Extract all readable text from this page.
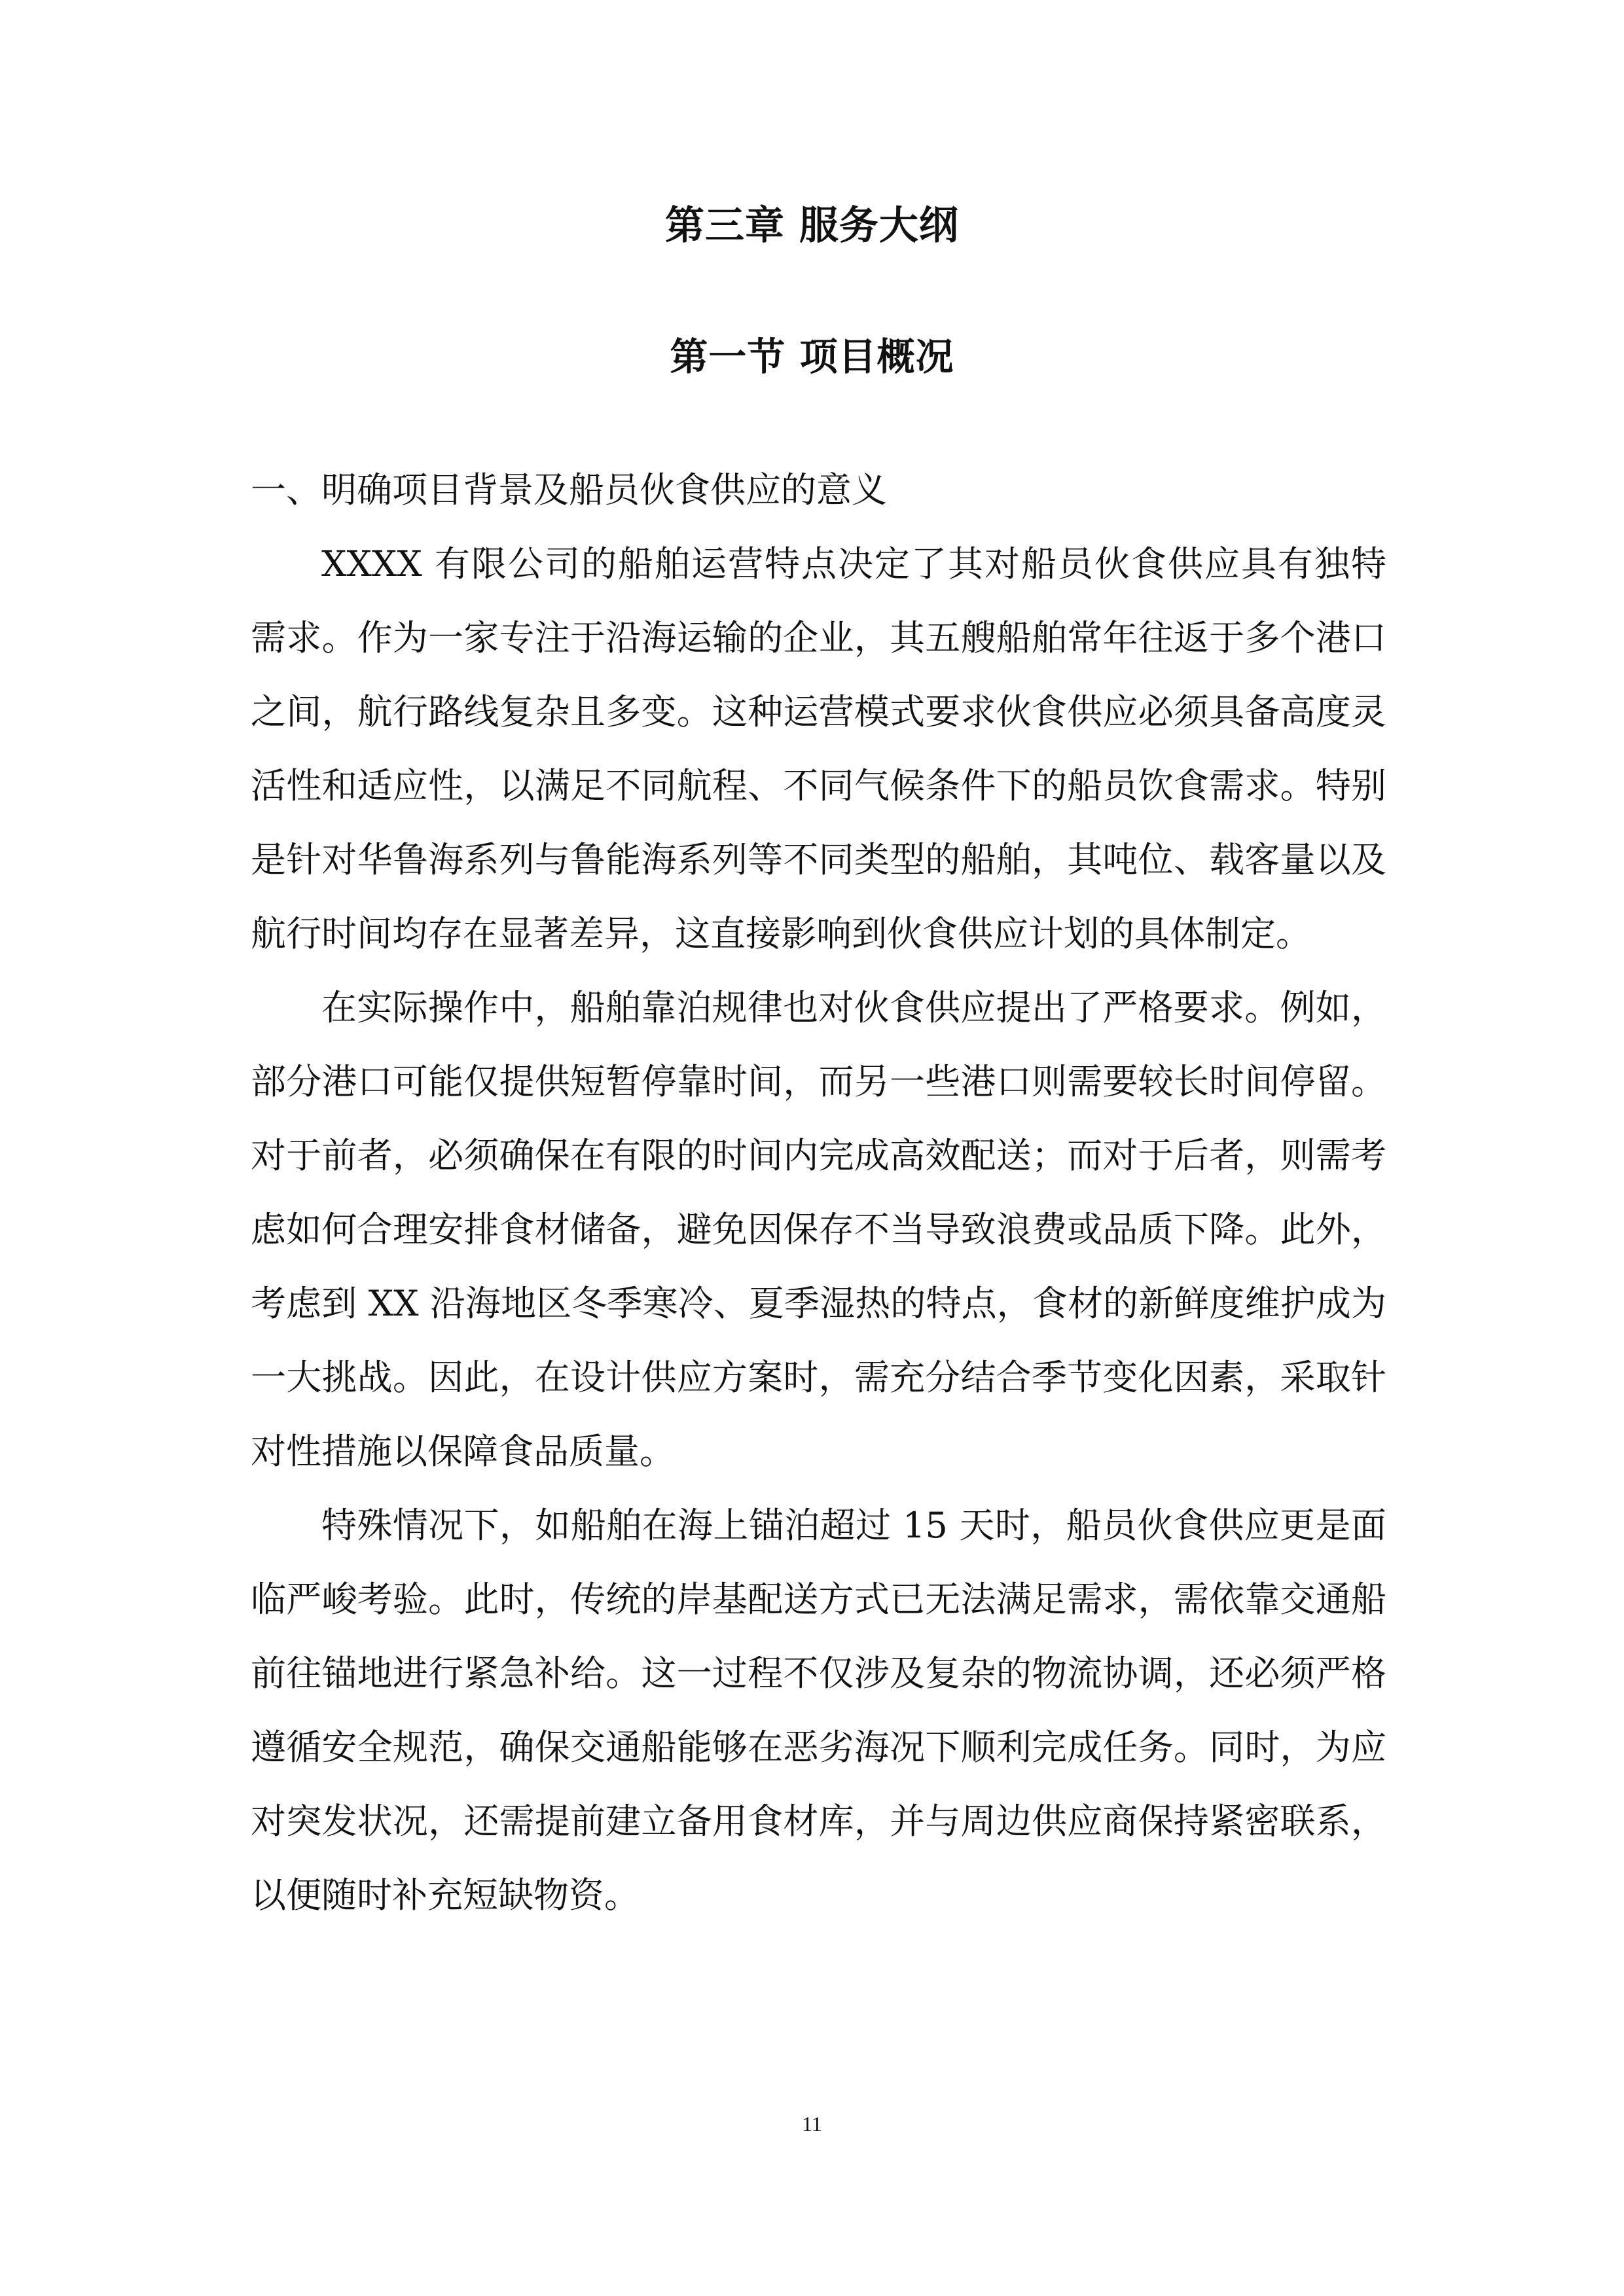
第三章 服务大纲
第一节 项目概况

一、明确项目背景及船员伙食供应的意义

XXXX 有限公司的船舶运营特点决定了其对船员伙食供应具有独特需求。作为一家专注于沿海运输的企业，其五艘船舶常年往返于多个港口之间，航行路线复杂且多变。这种运营模式要求伙食供应必须具备高度灵活性和适应性，以满足不同航程、不同气候条件下的船员饮食需求。特别是针对华鲁海系列与鲁能海系列等不同类型的船舶，其吨位、载客量以及航行时间均存在显著差异，这直接影响到伙食供应计划的具体制定。

在实际操作中，船舶靠泊规律也对伙食供应提出了严格要求。例如，部分港口可能仅提供短暂停靠时间，而另一些港口则需要较长时间停留。对于前者，必须确保在有限的时间内完成高效配送；而对于后者，则需考虑如何合理安排食材储备，避免因保存不当导致浪费或品质下降。此外，考虑到 XX 沿海地区冬季寒冷、夏季湿热的特点，食材的新鲜度维护成为一大挑战。因此，在设计供应方案时，需充分结合季节变化因素，采取针对性措施以保障食品质量。

特殊情况下，如船舶在海上锚泊超过 15 天时，船员伙食供应更是面临严峻考验。此时，传统的岸基配送方式已无法满足需求，需依靠交通船前往锚地进行紧急补给。这一过程不仅涉及复杂的物流协调，还必须严格遵循安全规范，确保交通船能够在恶劣海况下顺利完成任务。同时，为应对突发状况，还需提前建立备用食材库，并与周边供应商保持紧密联系，以便随时补充短缺物资。

11
